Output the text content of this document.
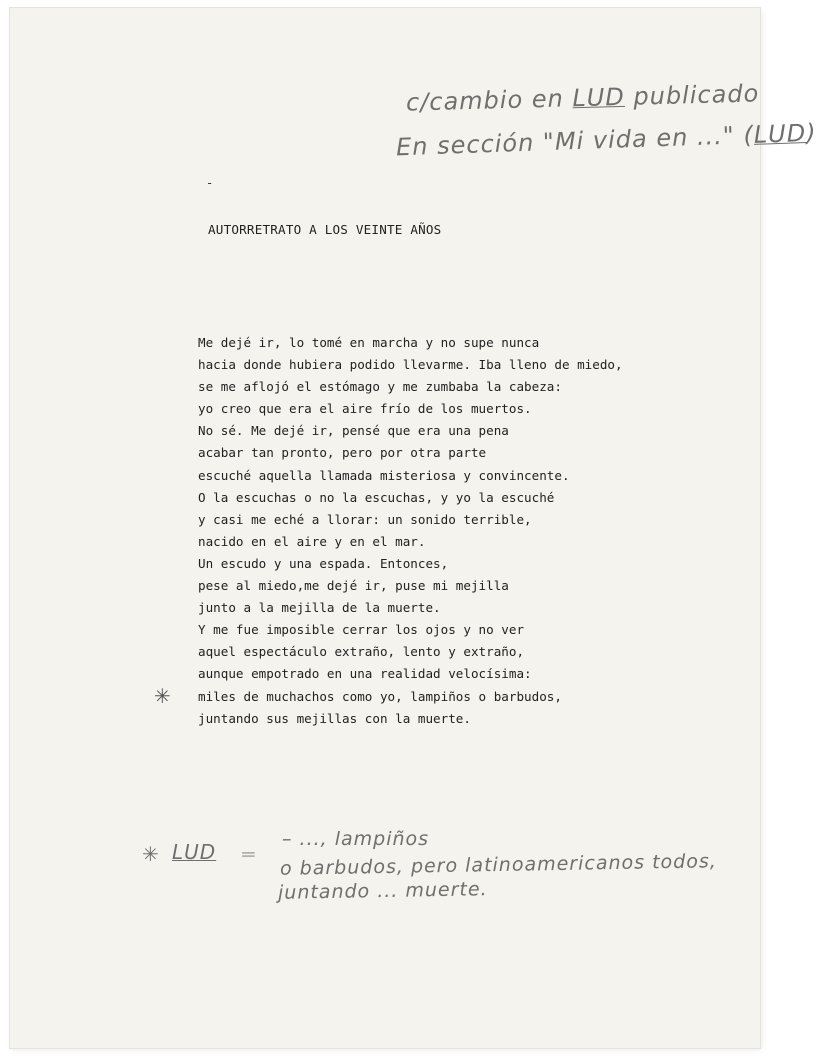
c/cambio en LUD publicado
En sección "Mi vida en ..." (LUD)
-
AUTORRETRATO A LOS VEINTE AÑOS
Me dejé ir, lo tomé en marcha y no supe nunca
hacia donde hubiera podido llevarme. Iba lleno de miedo,
se me aflojó el estómago y me zumbaba la cabeza:
yo creo que era el aire frío de los muertos.
No sé. Me dejé ir, pensé que era una pena
acabar tan pronto, pero por otra parte
escuché aquella llamada misteriosa y convincente.
O la escuchas o no la escuchas, y yo la escuché
y casi me eché a llorar: un sonido terrible,
nacido en el aire y en el mar.
Un escudo y una espada. Entonces,
pese al miedo,me dejé ir, puse mi mejilla
junto a la mejilla de la muerte.
Y me fue imposible cerrar los ojos y no ver
aquel espectáculo extraño, lento y extraño,
aunque empotrado en una realidad velocísima:
miles de muchachos como yo, lampiños o barbudos,
juntando sus mejillas con la muerte.
✳
✳ LUD =
– ..., lampiños
o barbudos, pero latinoamericanos todos,
juntando ... muerte.
